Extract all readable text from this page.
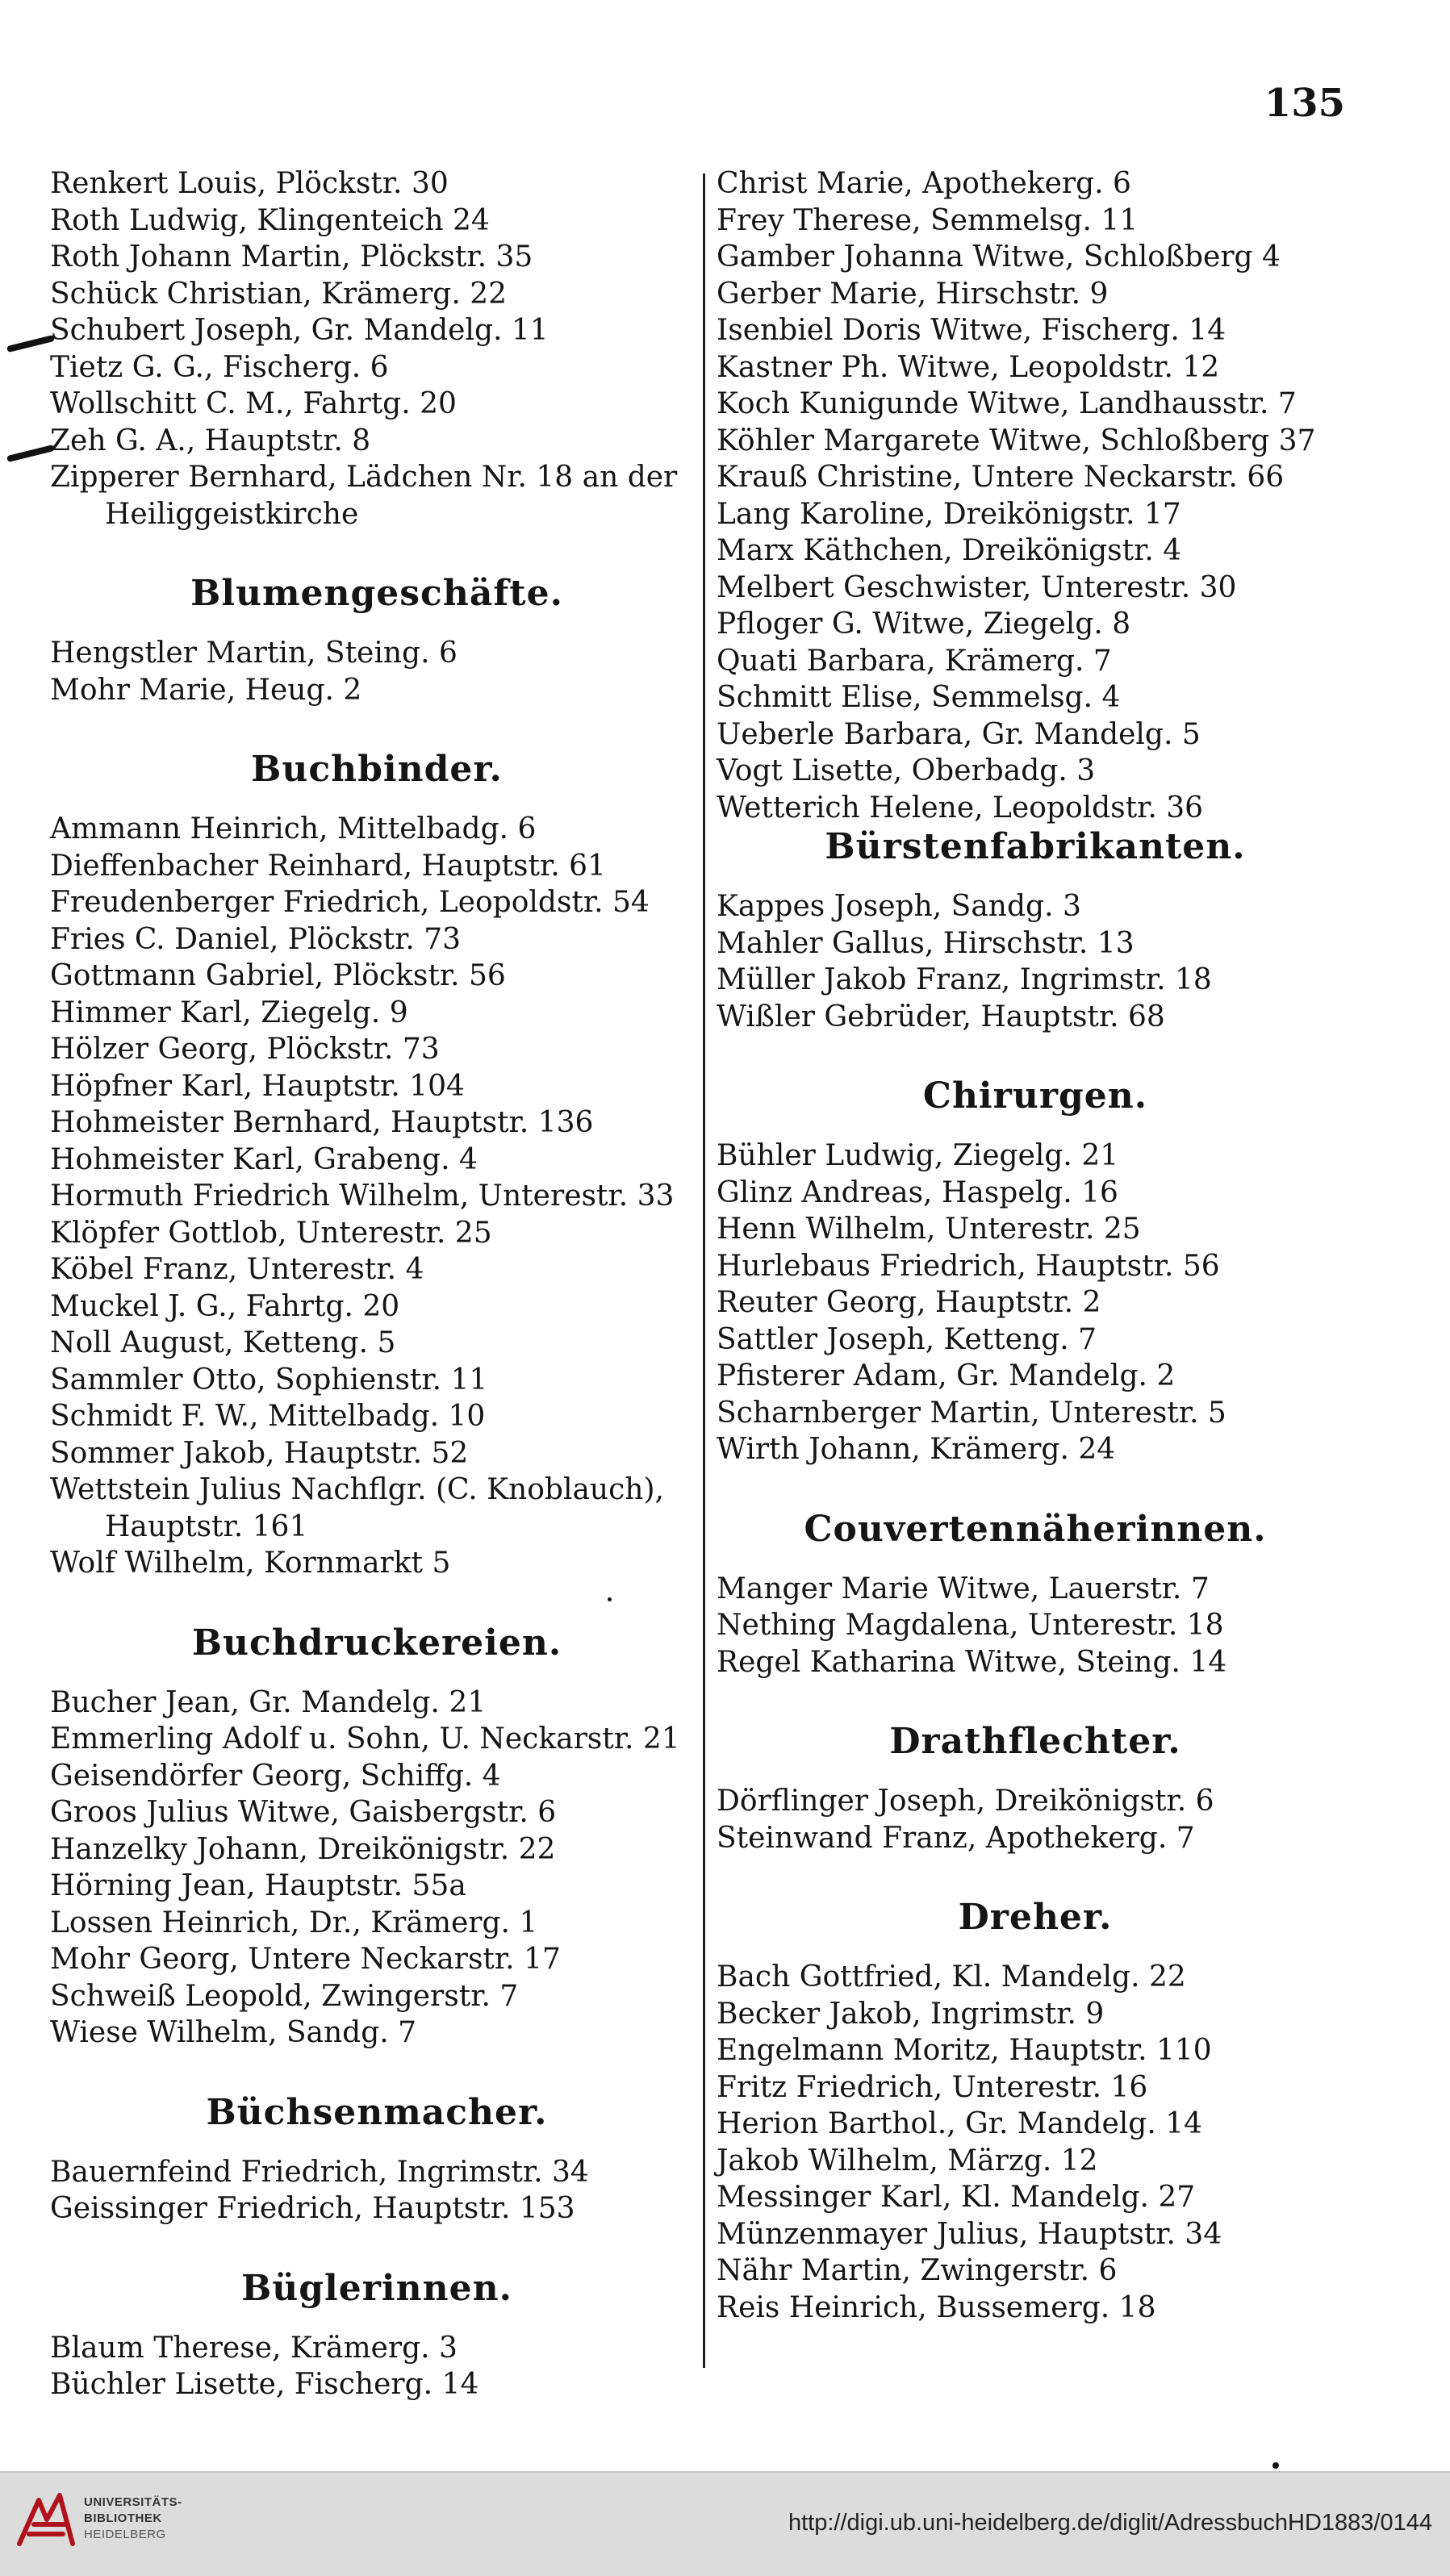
135
Renkert Louis, Plöckstr. 30
Roth Ludwig, Klingenteich 24
Roth Johann Martin, Plöckstr. 35
Schück Christian, Krämerg. 22
Schubert Joseph, Gr. Mandelg. 11
Tietz G. G., Fischerg. 6
Wollschitt C. M., Fahrtg. 20
Zeh G. A., Hauptstr. 8
Zipperer Bernhard, Lädchen Nr. 18 an der Heiliggeistkirche
Blumengeschäfte.
Hengstler Martin, Steing. 6
Mohr Marie, Heug. 2
Buchbinder.
Ammann Heinrich, Mittelbadg. 6
Dieffenbacher Reinhard, Hauptstr. 61
Freudenberger Friedrich, Leopoldstr. 54
Fries C. Daniel, Plöckstr. 73
Gottmann Gabriel, Plöckstr. 56
Himmer Karl, Ziegelg. 9
Hölzer Georg, Plöckstr. 73
Höpfner Karl, Hauptstr. 104
Hohmeister Bernhard, Hauptstr. 136
Hohmeister Karl, Grabeng. 4
Hormuth Friedrich Wilhelm, Unterestr. 33
Klöpfer Gottlob, Unterestr. 25
Köbel Franz, Unterestr. 4
Muckel J. G., Fahrtg. 20
Noll August, Ketteng. 5
Sammler Otto, Sophienstr. 11
Schmidt F. W., Mittelbadg. 10
Sommer Jakob, Hauptstr. 52
Wettstein Julius Nachflgr. (C. Knoblauch), Hauptstr. 161
Wolf Wilhelm, Kornmarkt 5
Buchdruckereien.
Bucher Jean, Gr. Mandelg. 21
Emmerling Adolf u. Sohn, U. Neckarstr. 21
Geisendörfer Georg, Schiffg. 4
Groos Julius Witwe, Gaisbergstr. 6
Hanzelky Johann, Dreikönigstr. 22
Hörning Jean, Hauptstr. 55a
Lossen Heinrich, Dr., Krämerg. 1
Mohr Georg, Untere Neckarstr. 17
Schweiß Leopold, Zwingerstr. 7
Wiese Wilhelm, Sandg. 7
Büchsenmacher.
Bauernfeind Friedrich, Ingrimstr. 34
Geissinger Friedrich, Hauptstr. 153
Büglerinnen.
Blaum Therese, Krämerg. 3
Büchler Lisette, Fischerg. 14
Christ Marie, Apothekerg. 6
Frey Therese, Semmelsg. 11
Gamber Johanna Witwe, Schloßberg 4
Gerber Marie, Hirschstr. 9
Isenbiel Doris Witwe, Fischerg. 14
Kastner Ph. Witwe, Leopoldstr. 12
Koch Kunigunde Witwe, Landhausstr. 7
Köhler Margarete Witwe, Schloßberg 37
Krauß Christine, Untere Neckarstr. 66
Lang Karoline, Dreikönigstr. 17
Marx Käthchen, Dreikönigstr. 4
Melbert Geschwister, Unterestr. 30
Pfloger G. Witwe, Ziegelg. 8
Quati Barbara, Krämerg. 7
Schmitt Elise, Semmelsg. 4
Ueberle Barbara, Gr. Mandelg. 5
Vogt Lisette, Oberbadg. 3
Wetterich Helene, Leopoldstr. 36
Bürstenfabrikanten.
Kappes Joseph, Sandg. 3
Mahler Gallus, Hirschstr. 13
Müller Jakob Franz, Ingrimstr. 18
Wißler Gebrüder, Hauptstr. 68
Chirurgen.
Bühler Ludwig, Ziegelg. 21
Glinz Andreas, Haspelg. 16
Henn Wilhelm, Unterestr. 25
Hurlebaus Friedrich, Hauptstr. 56
Reuter Georg, Hauptstr. 2
Sattler Joseph, Ketteng. 7
Pfisterer Adam, Gr. Mandelg. 2
Scharnberger Martin, Unterestr. 5
Wirth Johann, Krämerg. 24
Couvertennäherinnen.
Manger Marie Witwe, Lauerstr. 7
Nething Magdalena, Unterestr. 18
Regel Katharina Witwe, Steing. 14
Drathflechter.
Dörflinger Joseph, Dreikönigstr. 6
Steinwand Franz, Apothekerg. 7
Dreher.
Bach Gottfried, Kl. Mandelg. 22
Becker Jakob, Ingrimstr. 9
Engelmann Moritz, Hauptstr. 110
Fritz Friedrich, Unterestr. 16
Herion Barthol., Gr. Mandelg. 14
Jakob Wilhelm, Märzg. 12
Messinger Karl, Kl. Mandelg. 27
Münzenmayer Julius, Hauptstr. 34
Nähr Martin, Zwingerstr. 6
Reis Heinrich, Bussemerg. 18
UNIVERSITÄTS-
BIBLIOTHEK
HEIDELBERG	http://digi.ub.uni-heidelberg.de/diglit/AdressbuchHD1883/0144
